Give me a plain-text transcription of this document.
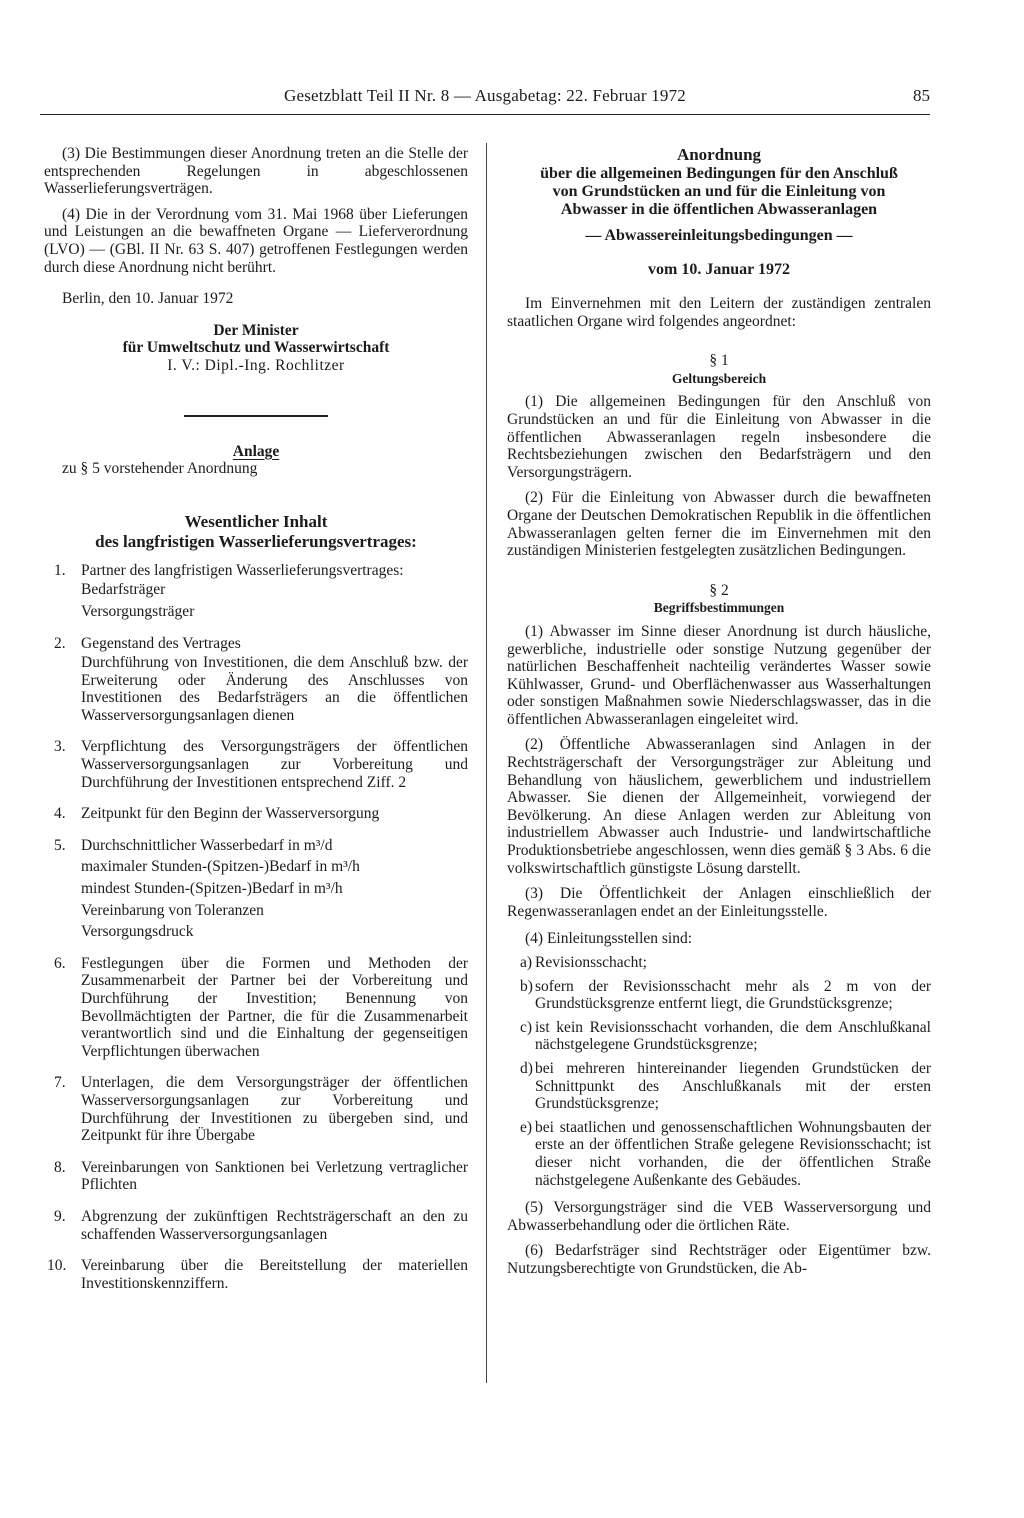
Gesetzblatt Teil II Nr. 8 — Ausgabetag: 22. Februar 1972	85

(3) Die Bestimmungen dieser Anordnung treten an die Stelle der entsprechenden Regelungen in abgeschlossenen Wasserlieferungsverträgen.

(4) Die in der Verordnung vom 31. Mai 1968 über Lieferungen und Leistungen an die bewaffneten Organe — Lieferverordnung (LVO) — (GBl. II Nr. 63 S. 407) getroffenen Festlegungen werden durch diese Anordnung nicht berührt.

Berlin, den 10. Januar 1972

Der Minister

für Umweltschutz und Wasserwirtschaft

I. V.: Dipl.-Ing. Rochlitzer

Anlage

zu § 5 vorstehender Anordnung

Wesentlicher Inhalt

des langfristigen Wasserlieferungsvertrages:

1. Partner des langfristigen Wasserlieferungsvertrages:
Bedarfsträger
Versorgungsträger
2. Gegenstand des Vertrages
Durchführung von Investitionen, die dem Anschluß bzw. der Erweiterung oder Änderung des Anschlusses von Investitionen des Bedarfsträgers an die öffentlichen Wasserversorgungsanlagen dienen
3. Verpflichtung des Versorgungsträgers der öffentlichen Wasserversorgungsanlagen zur Vorbereitung und Durchführung der Investitionen entsprechend Ziff. 2
4. Zeitpunkt für den Beginn der Wasserversorgung
5. Durchschnittlicher Wasserbedarf in m³/d
maximaler Stunden-(Spitzen-)Bedarf in m³/h
mindest Stunden-(Spitzen-)Bedarf in m³/h
Vereinbarung von Toleranzen
Versorgungsdruck
6. Festlegungen über die Formen und Methoden der Zusammenarbeit der Partner bei der Vorbereitung und Durchführung der Investition; Benennung von Bevollmächtigten der Partner, die für die Zusammenarbeit verantwortlich sind und die Einhaltung der gegenseitigen Verpflichtungen überwachen
7. Unterlagen, die dem Versorgungsträger der öffentlichen Wasserversorgungsanlagen zur Vorbereitung und Durchführung der Investitionen zu übergeben sind, und Zeitpunkt für ihre Übergabe
8. Vereinbarungen von Sanktionen bei Verletzung vertraglicher Pflichten
9. Abgrenzung der zukünftigen Rechtsträgerschaft an den zu schaffenden Wasserversorgungsanlagen
10. Vereinbarung über die Bereitstellung der materiellen Investitionskennziffern.

Anordnung

über die allgemeinen Bedingungen für den Anschluß

von Grundstücken an und für die Einleitung von

Abwasser in die öffentlichen Abwasseranlagen

— Abwassereinleitungsbedingungen —

vom 10. Januar 1972

Im Einvernehmen mit den Leitern der zuständigen zentralen staatlichen Organe wird folgendes angeordnet:

§ 1

Geltungsbereich

(1) Die allgemeinen Bedingungen für den Anschluß von Grundstücken an und für die Einleitung von Abwasser in die öffentlichen Abwasseranlagen regeln insbesondere die Rechtsbeziehungen zwischen den Bedarfsträgern und den Versorgungsträgern.

(2) Für die Einleitung von Abwasser durch die bewaffneten Organe der Deutschen Demokratischen Republik in die öffentlichen Abwasseranlagen gelten ferner die im Einvernehmen mit den zuständigen Ministerien festgelegten zusätzlichen Bedingungen.

§ 2

Begriffsbestimmungen

(1) Abwasser im Sinne dieser Anordnung ist durch häusliche, gewerbliche, industrielle oder sonstige Nutzung gegenüber der natürlichen Beschaffenheit nachteilig verändertes Wasser sowie Kühlwasser, Grund- und Oberflächenwasser aus Wasserhaltungen oder sonstigen Maßnahmen sowie Niederschlagswasser, das in die öffentlichen Abwasseranlagen eingeleitet wird.

(2) Öffentliche Abwasseranlagen sind Anlagen in der Rechtsträgerschaft der Versorgungsträger zur Ableitung und Behandlung von häuslichem, gewerblichem und industriellem Abwasser. Sie dienen der Allgemeinheit, vorwiegend der Bevölkerung. An diese Anlagen werden zur Ableitung von industriellem Abwasser auch Industrie- und landwirtschaftliche Produktionsbetriebe angeschlossen, wenn dies gemäß § 3 Abs. 6 die volkswirtschaftlich günstigste Lösung darstellt.

(3) Die Öffentlichkeit der Anlagen einschließlich der Regenwasseranlagen endet an der Einleitungsstelle.

(4) Einleitungsstellen sind:

a) Revisionsschacht;
b) sofern der Revisionsschacht mehr als 2 m von der Grundstücksgrenze entfernt liegt, die Grundstücksgrenze;
c) ist kein Revisionsschacht vorhanden, die dem Anschlußkanal nächstgelegene Grundstücksgrenze;
d) bei mehreren hintereinander liegenden Grundstücken der Schnittpunkt des Anschlußkanals mit der ersten Grundstücksgrenze;
e) bei staatlichen und genossenschaftlichen Wohnungsbauten der erste an der öffentlichen Straße gelegene Revisionsschacht; ist dieser nicht vorhanden, die der öffentlichen Straße nächstgelegene Außenkante des Gebäudes.

(5) Versorgungsträger sind die VEB Wasserversorgung und Abwasserbehandlung oder die örtlichen Räte.

(6) Bedarfsträger sind Rechtsträger oder Eigentümer bzw. Nutzungsberechtigte von Grundstücken, die Ab-
